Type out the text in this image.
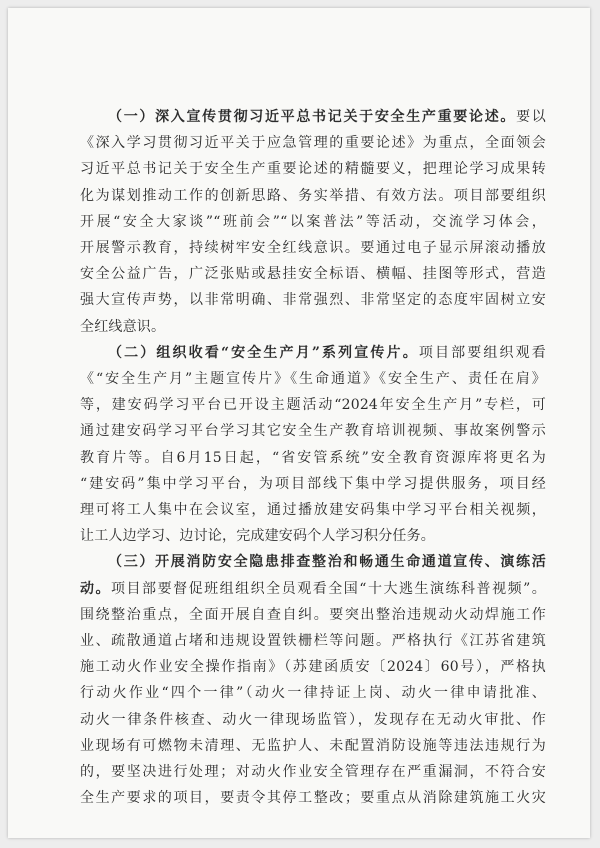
（一）深入宣传贯彻习近平总书记关于安全生产重要论述。要以
《深入学习贯彻习近平关于应急管理的重要论述》为重点，全面领会
习近平总书记关于安全生产重要论述的精髓要义，把理论学习成果转
化为谋划推动工作的创新思路、务实举措、有效方法。项目部要组织
开展“安全大家谈”“班前会”“以案普法”等活动，交流学习体会，
开展警示教育，持续树牢安全红线意识。要通过电子显示屏滚动播放
安全公益广告，广泛张贴或悬挂安全标语、横幅、挂图等形式，营造
强大宣传声势，以非常明确、非常强烈、非常坚定的态度牢固树立安
全红线意识。
（二）组织收看“安全生产月”系列宣传片。项目部要组织观看
《“安全生产月”主题宣传片》《生命通道》《安全生产、责任在肩》
等，建安码学习平台已开设主题活动“2024年安全生产月”专栏，可
通过建安码学习平台学习其它安全生产教育培训视频、事故案例警示
教育片等。自6月15日起，“省安管系统”安全教育资源库将更名为
“建安码”集中学习平台，为项目部线下集中学习提供服务，项目经
理可将工人集中在会议室，通过播放建安码集中学习平台相关视频，
让工人边学习、边讨论，完成建安码个人学习积分任务。
（三）开展消防安全隐患排查整治和畅通生命通道宣传、演练活
动。项目部要督促班组组织全员观看全国“十大逃生演练科普视频”。
围绕整治重点，全面开展自查自纠。要突出整治违规动火动焊施工作
业、疏散通道占堵和违规设置铁栅栏等问题。严格执行《江苏省建筑
施工动火作业安全操作指南》（苏建函质安〔2024〕60号），严格执
行动火作业“四个一律”（动火一律持证上岗、动火一律申请批准、
动火一律条件核查、动火一律现场监管），发现存在无动火审批、作
业现场有可燃物未清理、无监护人、未配置消防设施等违法违规行为
的，要坚决进行处理；对动火作业安全管理存在严重漏洞，不符合安
全生产要求的项目，要责令其停工整改；要重点从消除建筑施工火灾
